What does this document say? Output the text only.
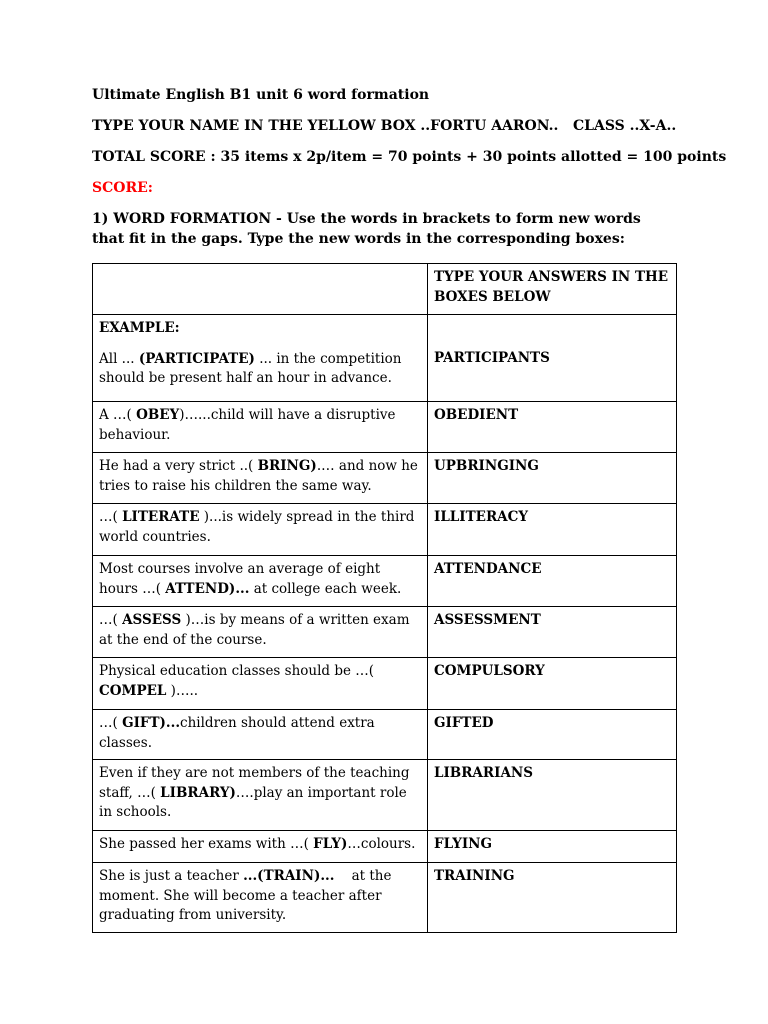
Ultimate English B1 unit 6 word formation
TYPE YOUR NAME IN THE YELLOW BOX ..FORTU AARON..   CLASS ..X-A..
TOTAL SCORE : 35 items x 2p/item = 70 points + 30 points allotted = 100 points
SCORE:
1) WORD FORMATION - Use the words in brackets to form new words that fit in the gaps. Type the new words in the corresponding boxes:
	TYPE YOUR ANSWERS IN THE BOXES BELOW

EXAMPLE:
All ... (PARTICIPATE) ... in the competition should be present half an hour in advance.	PARTICIPANTS
A …( OBEY)…...child will have a disruptive behaviour.	OBEDIENT
He had a very strict ..( BRING).… and now he tries to raise his children the same way.	UPBRINGING
…( LITERATE )...is widely spread in the third world countries.	ILLITERACY
Most courses involve an average of eight hours …( ATTEND)... at college each week.	ATTENDANCE
…( ASSESS )…is by means of a written exam at the end of the course.	ASSESSMENT
Physical education classes should be …( COMPEL )…..	COMPULSORY
…( GIFT)...children should attend extra classes.	GIFTED
Even if they are not members of the teaching staff, …( LIBRARY)….play an important role in schools.	LIBRARIANS
She passed her exams with …( FLY)…colours.	FLYING
She is just a teacher ...(TRAIN)...    at the moment. She will become a teacher after graduating from university.	TRAINING
